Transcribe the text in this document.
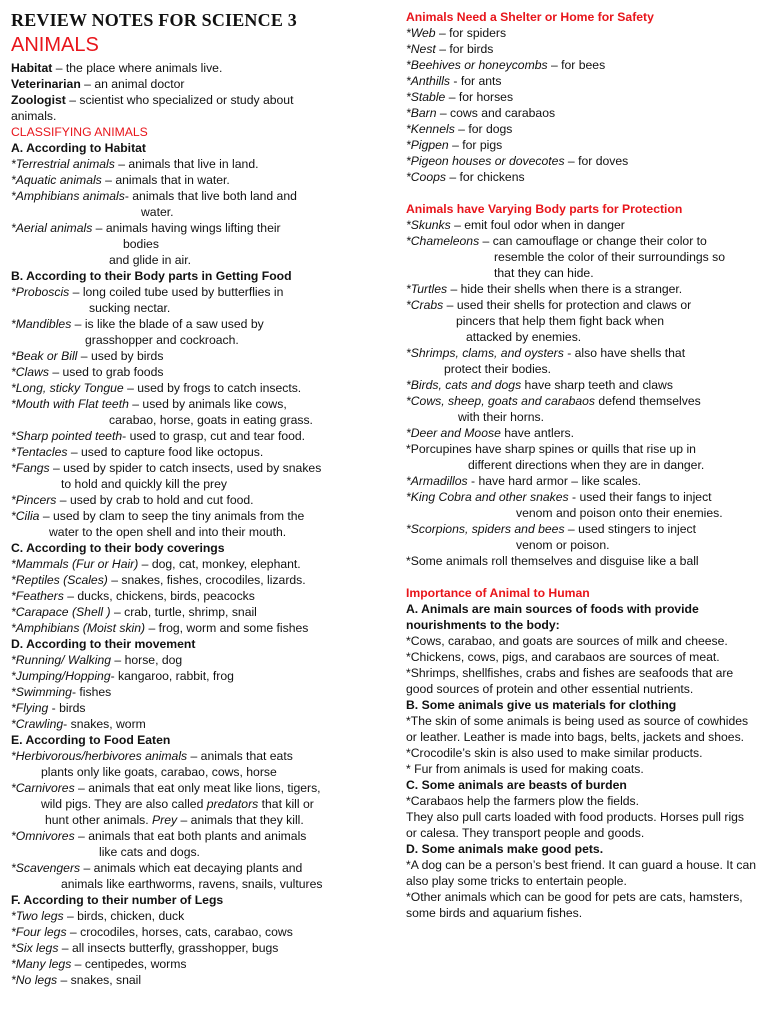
REVIEW NOTES FOR SCIENCE 3
ANIMALS
Habitat – the place where animals live.
Veterinarian – an animal doctor
Zoologist – scientist who specialized or study about animals.
CLASSIFYING ANIMALS
A. According to Habitat
*Terrestrial animals – animals that live in land.
*Aquatic animals – animals that in water.
*Amphibians animals- animals that live both land and
water.
*Aerial animals – animals having wings lifting their
bodies
and glide in air.
B. According to their Body parts in Getting Food
*Proboscis – long coiled tube used by butterflies in
sucking nectar.
*Mandibles – is like the blade of a saw used by
grasshopper and cockroach.
*Beak or Bill – used by birds
*Claws – used to grab foods
*Long, sticky Tongue – used by frogs to catch insects.
*Mouth with Flat teeth – used by animals like cows,
carabao, horse, goats in eating grass.
*Sharp pointed teeth- used to grasp, cut and tear food.
*Tentacles – used to capture food like octopus.
*Fangs – used by spider to catch insects, used by snakes
to hold and quickly kill the prey
*Pincers – used by crab to hold and cut food.
*Cilia – used by clam to seep the tiny animals from the
water to the open shell and into their mouth.
C. According to their body coverings
*Mammals (Fur or Hair) – dog, cat, monkey, elephant.
*Reptiles (Scales) – snakes, fishes, crocodiles, lizards.
*Feathers – ducks, chickens, birds, peacocks
*Carapace (Shell ) – crab, turtle, shrimp, snail
*Amphibians (Moist skin) – frog, worm and some fishes
D. According to their movement
*Running/ Walking – horse, dog
*Jumping/Hopping- kangaroo, rabbit, frog
*Swimming- fishes
*Flying - birds
*Crawling- snakes, worm
E. According to Food Eaten
*Herbivorous/herbivores animals – animals that eats
plants only like goats, carabao, cows, horse
*Carnivores – animals that eat only meat like lions, tigers,
wild pigs. They are also called predators that kill or
hunt other animals. Prey – animals that they kill.
*Omnivores – animals that eat both plants and animals
like cats and dogs.
*Scavengers – animals which eat decaying plants and
animals like earthworms, ravens, snails, vultures
F. According to their number of Legs
*Two legs – birds, chicken, duck
*Four legs – crocodiles, horses, cats, carabao, cows
*Six legs – all insects butterfly, grasshopper, bugs
*Many legs – centipedes, worms
*No legs – snakes, snail
Animals Need a Shelter or Home for Safety
*Web – for spiders
*Nest – for birds
*Beehives or honeycombs – for bees
*Anthills - for ants
*Stable – for horses
*Barn – cows and carabaos
*Kennels – for dogs
*Pigpen – for pigs
*Pigeon houses or dovecotes – for doves
*Coops – for chickens
Animals have Varying Body parts for Protection
*Skunks – emit foul odor when in danger
*Chameleons – can camouflage or change their color to
resemble the color of their surroundings so
that they can hide.
*Turtles – hide their shells when there is a stranger.
*Crabs – used their shells for protection and claws or
pincers that help them fight back when
attacked by enemies.
*Shrimps, clams, and oysters - also have shells that
protect their bodies.
*Birds, cats and dogs have sharp teeth and claws
*Cows, sheep, goats and carabaos defend themselves
with their horns.
*Deer and Moose have antlers.
*Porcupines have sharp spines or quills that rise up in
different directions when they are in danger.
*Armadillos - have hard armor – like scales.
*King Cobra and other snakes - used their fangs to inject
venom and poison onto their enemies.
*Scorpions, spiders and bees – used stingers to inject
venom or poison.
*Some animals roll themselves and disguise like a ball
Importance of Animal to Human
A. Animals are main sources of foods with provide nourishments to the body:
*Cows, carabao, and goats are sources of milk and cheese.
*Chickens, cows, pigs, and carabaos are sources of meat.
*Shrimps, shellfishes, crabs and fishes are seafoods that are good sources of protein and other essential nutrients.
B. Some animals give us materials for clothing
*The skin of some animals is being used as source of cowhides or leather. Leather is made into bags, belts, jackets and shoes.
*Crocodile’s skin is also used to make similar products.
* Fur from animals is used for making coats.
C. Some animals are beasts of burden
*Carabaos help the farmers plow the fields.
They also pull carts loaded with food products. Horses pull rigs or calesa. They transport people and goods.
D. Some animals make good pets.
*A dog can be a person’s best friend. It can guard a house. It can also play some tricks to entertain people.
*Other animals which can be good for pets are cats, hamsters, some birds and aquarium fishes.
